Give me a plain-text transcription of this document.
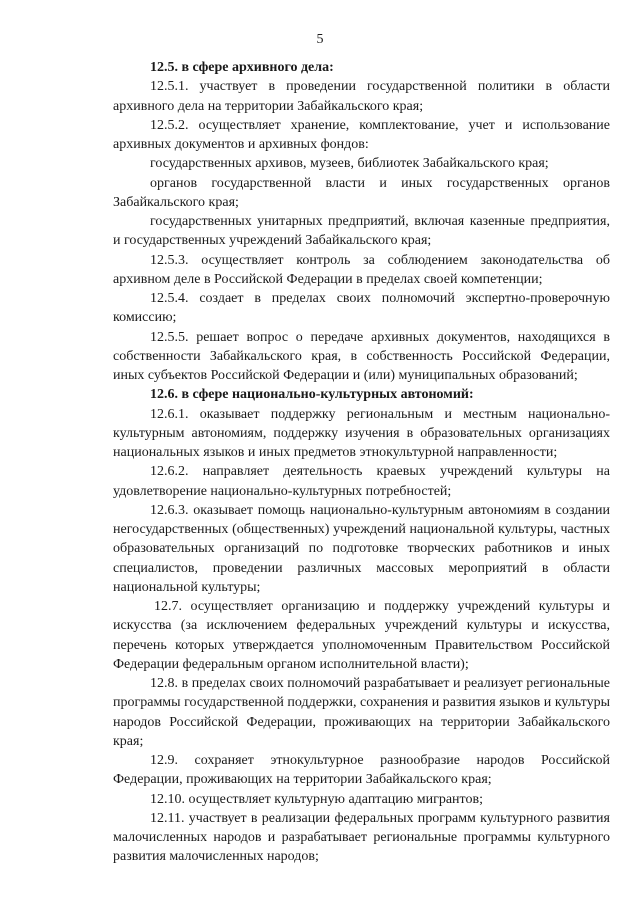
5

12.5. в сфере архивного дела:

12.5.1. участвует в проведении государственной политики в области архивного дела на территории Забайкальского края;

12.5.2. осуществляет хранение, комплектование, учет и использование архивных документов и архивных фондов:

государственных архивов, музеев, библиотек Забайкальского края;

органов государственной власти и иных государственных органов Забайкальского края;

государственных унитарных предприятий, включая казенные предприятия, и государственных учреждений Забайкальского края;

12.5.3. осуществляет контроль за соблюдением законодательства об архивном деле в Российской Федерации в пределах своей компетенции;

12.5.4. создает в пределах своих полномочий экспертно-проверочную комиссию;

12.5.5. решает вопрос о передаче архивных документов, находящихся в собственности Забайкальского края, в собственность Российской Федерации, иных субъектов Российской Федерации и (или) муниципальных образований;

12.6. в сфере национально-культурных автономий:

12.6.1. оказывает поддержку региональным и местным национально-культурным автономиям, поддержку изучения в образовательных организациях национальных языков и иных предметов этнокультурной направленности;

12.6.2. направляет деятельность краевых учреждений культуры на удовлетворение национально-культурных потребностей;

12.6.3. оказывает помощь национально-культурным автономиям в создании негосударственных (общественных) учреждений национальной культуры, частных образовательных организаций по подготовке творческих работников и иных специалистов, проведении различных массовых мероприятий в области национальной культуры;

12.7. осуществляет организацию и поддержку учреждений культуры и искусства (за исключением федеральных учреждений культуры и искусства, перечень которых утверждается уполномоченным Правительством Российской Федерации федеральным органом исполнительной власти);

12.8. в пределах своих полномочий разрабатывает и реализует региональные программы государственной поддержки, сохранения и развития языков и культуры народов Российской Федерации, проживающих на территории Забайкальского края;

12.9. сохраняет этнокультурное разнообразие народов Российской Федерации, проживающих на территории Забайкальского края;

12.10. осуществляет культурную адаптацию мигрантов;

12.11. участвует в реализации федеральных программ культурного развития малочисленных народов и разрабатывает региональные программы культурного развития малочисленных народов;
